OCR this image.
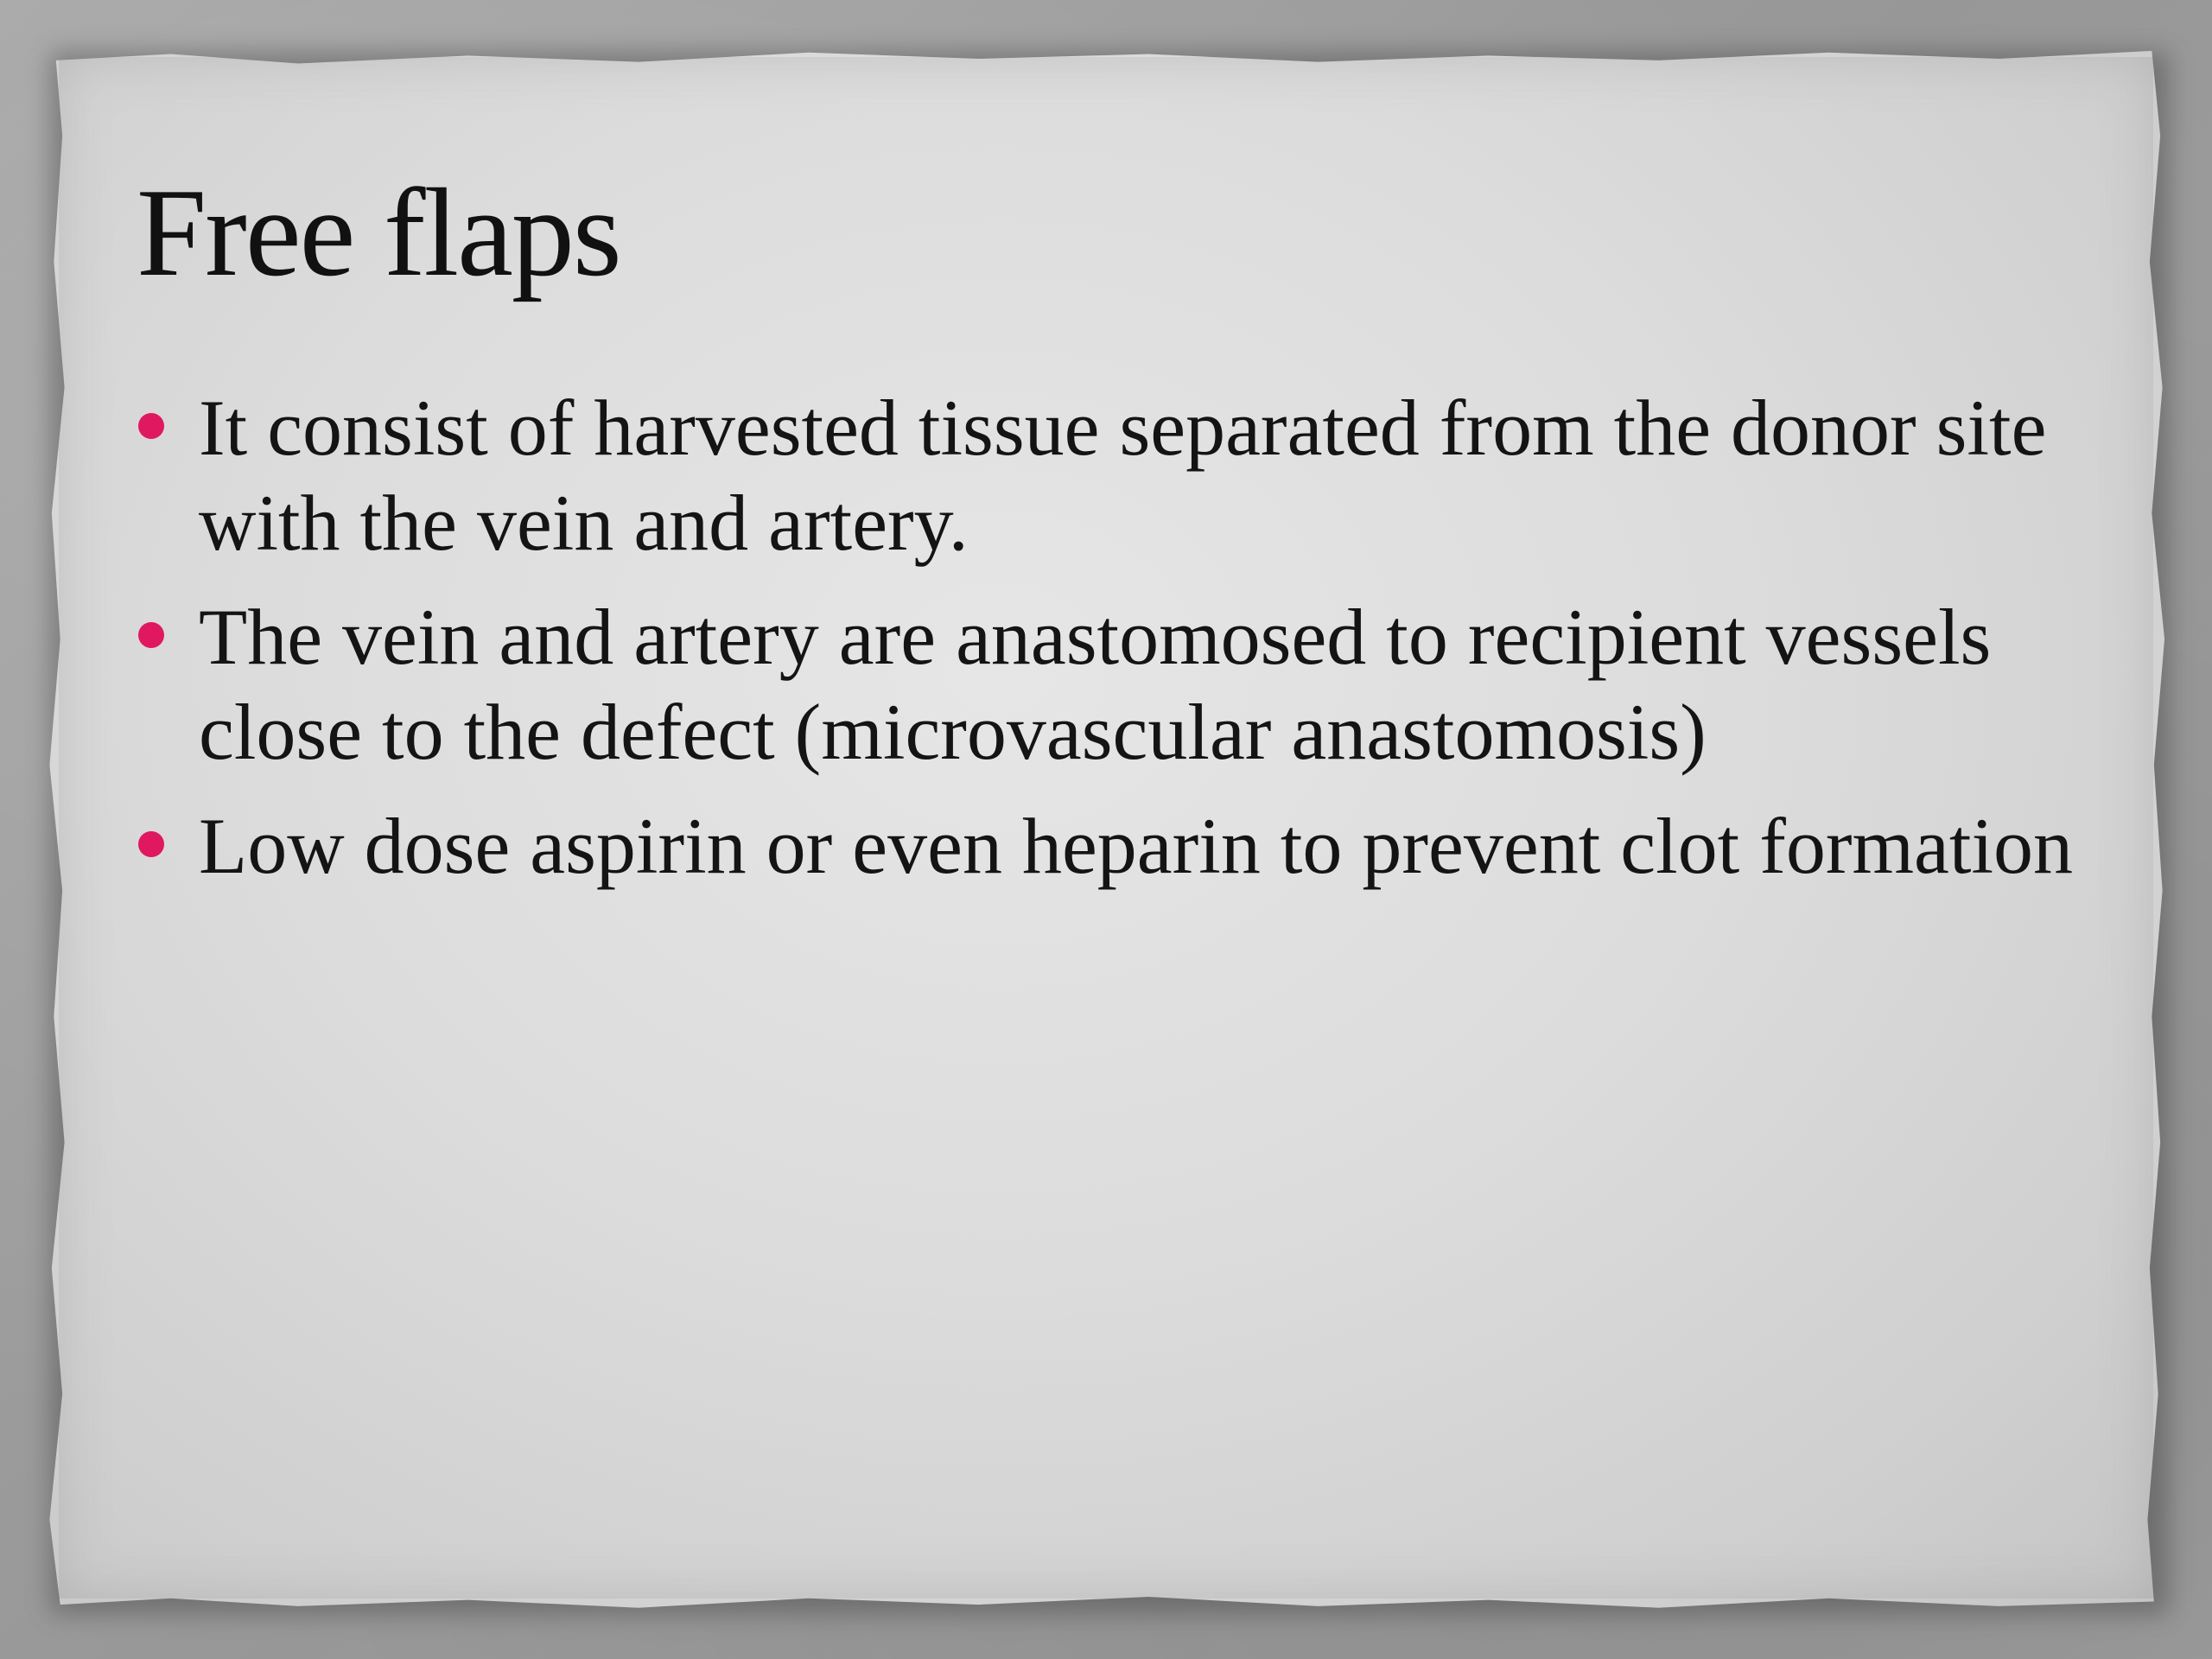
Free flaps
It consist of harvested tissue separated from the donor site with the vein and artery.
The vein and artery are anastomosed to recipient vessels close to the defect (microvascular anastomosis)
Low dose aspirin or even heparin to prevent clot formation
